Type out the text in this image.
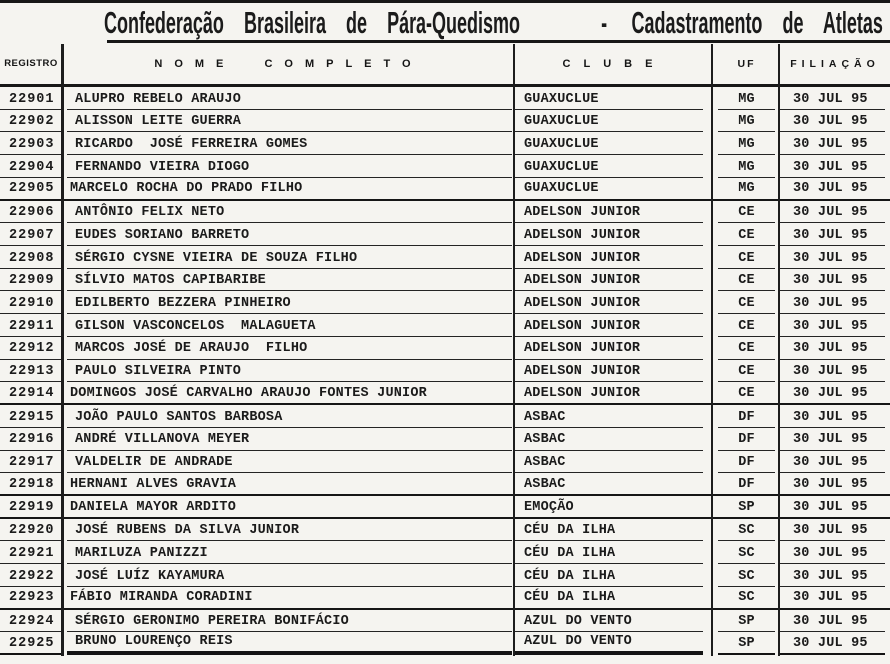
Confederação Brasileira de Pára-Quedismo	- Cadastramento de Atletas
REGISTRO	NOME COMPLETO	CLUBE	UF	FILIAÇÃO
22901	ALUPRO REBELO ARAUJO	GUAXUCLUE	MG	30 JUL 95
22902	ALISSON LEITE GUERRA	GUAXUCLUE	MG	30 JUL 95
22903	RICARDO  JOSÉ FERREIRA GOMES	GUAXUCLUE	MG	30 JUL 95
22904	FERNANDO VIEIRA DIOGO	GUAXUCLUE	MG	30 JUL 95
22905	MARCELO ROCHA DO PRADO FILHO	GUAXUCLUE	MG	30 JUL 95
22906	ANTÔNIO FELIX NETO	ADELSON JUNIOR	CE	30 JUL 95
22907	EUDES SORIANO BARRETO	ADELSON JUNIOR	CE	30 JUL 95
22908	SÉRGIO CYSNE VIEIRA DE SOUZA FILHO	ADELSON JUNIOR	CE	30 JUL 95
22909	SÍLVIO MATOS CAPIBARIBE	ADELSON JUNIOR	CE	30 JUL 95
22910	EDILBERTO BEZZERA PINHEIRO	ADELSON JUNIOR	CE	30 JUL 95
22911	GILSON VASCONCELOS  MALAGUETA	ADELSON JUNIOR	CE	30 JUL 95
22912	MARCOS JOSÉ DE ARAUJO  FILHO	ADELSON JUNIOR	CE	30 JUL 95
22913	PAULO SILVEIRA PINTO	ADELSON JUNIOR	CE	30 JUL 95
22914	DOMINGOS JOSÉ CARVALHO ARAUJO FONTES JUNIOR	ADELSON JUNIOR	CE	30 JUL 95
22915	JOÃO PAULO SANTOS BARBOSA	ASBAC	DF	30 JUL 95
22916	ANDRÉ VILLANOVA MEYER	ASBAC	DF	30 JUL 95
22917	VALDELIR DE ANDRADE	ASBAC	DF	30 JUL 95
22918	HERNANI ALVES GRAVIA	ASBAC	DF	30 JUL 95
22919	DANIELA MAYOR ARDITO	EMOÇÃO	SP	30 JUL 95
22920	JOSÉ RUBENS DA SILVA JUNIOR	CÉU DA ILHA	SC	30 JUL 95
22921	MARILUZA PANIZZI	CÉU DA ILHA	SC	30 JUL 95
22922	JOSÉ LUÍZ KAYAMURA	CÉU DA ILHA	SC	30 JUL 95
22923	FÁBIO MIRANDA CORADINI	CÉU DA ILHA	SC	30 JUL 95
22924	SÉRGIO GERONIMO PEREIRA BONIFÁCIO	AZUL DO VENTO	SP	30 JUL 95
22925	BRUNO LOURENÇO REIS	AZUL DO VENTO	SP	30 JUL 95
